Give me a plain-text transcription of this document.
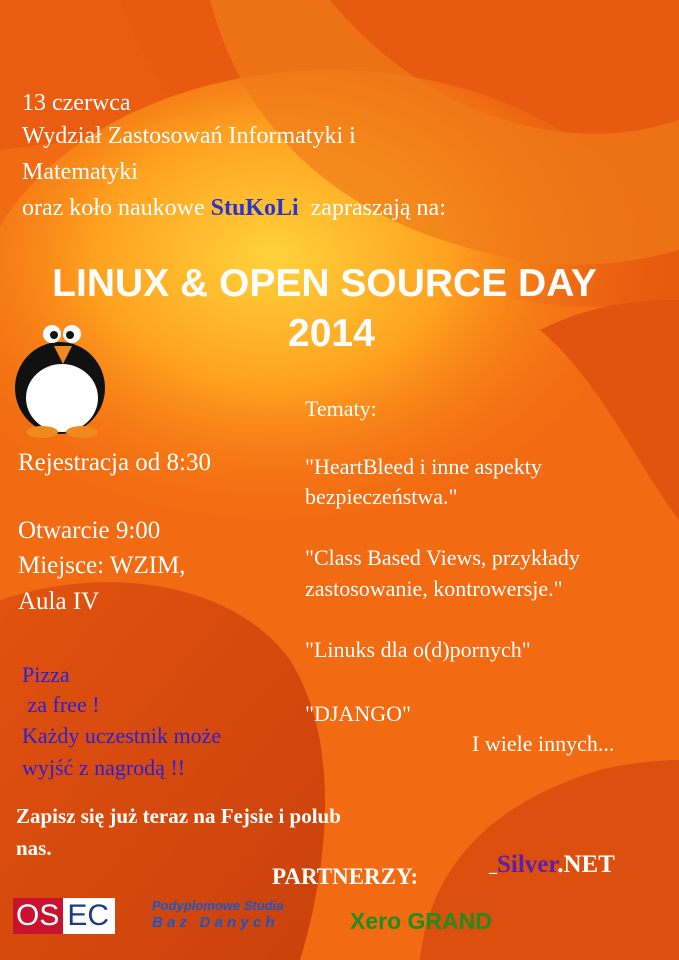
13 czerwca
Wydział Zastosowań Informatyki i
Matematyki
oraz koło naukowe StuKoLi  zapraszają na:
LINUX & OPEN SOURCE DAY
2014
Rejestracja od 8:30
Otwarcie 9:00
Miejsce: WZIM,
Aula IV
Tematy:
"HeartBleed i inne aspekty
bezpieczeństwa."
"Class Based Views, przykłady
zastosowanie, kontrowersje."
"Linuks dla o(d)pornych"
"DJANGO"
I wiele innych...
Pizza
za free !
Każdy uczestnik może
wyjść z nagrodą !!
Zapisz się już teraz na Fejsie i polub
nas.
PARTNERZY:	_Silver.NET
OS EC	Podyplomowe Studia
B a z   D a n y c h	Xero GRAND
